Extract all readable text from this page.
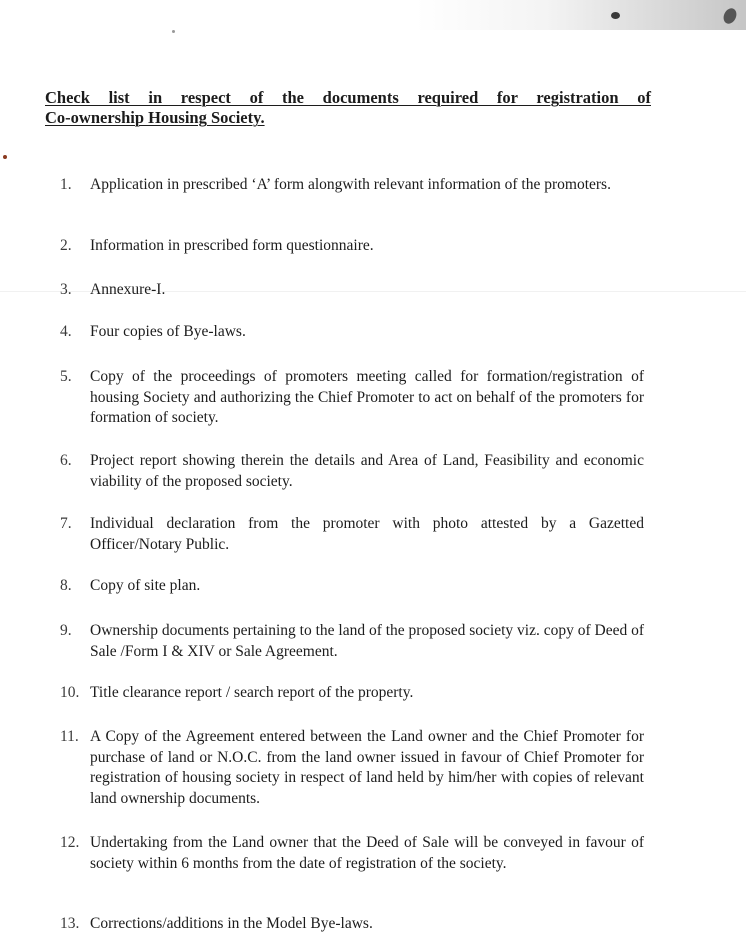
Check list in respect of the documents required for registration of
Co-ownership Housing Society.
1.	Application in prescribed ‘A’ form alongwith relevant information of the promoters.
2.	Information in prescribed form questionnaire.
3.	Annexure-I.
4.	Four copies of Bye-laws.
5.	Copy of the proceedings of promoters meeting called for formation/registration of housing Society and authorizing the Chief Promoter to act on behalf of the promoters for formation of society.
6.	Project report showing therein the details and Area of Land, Feasibility and economic viability of the proposed society.
7.	Individual declaration from the promoter with photo attested by a Gazetted Officer/Notary Public.
8.	Copy of site plan.
9.	Ownership documents pertaining to the land of the proposed society viz. copy of Deed of Sale /Form I & XIV or Sale Agreement.
10. Title clearance report / search report of the property.
11. A Copy of the Agreement entered between the Land owner and the Chief Promoter for purchase of land or N.O.C. from the land owner issued in favour of Chief Promoter for registration of housing society in respect of land held by him/her with copies of relevant land ownership documents.
12. Undertaking from the Land owner that the Deed of Sale will be conveyed in favour of society within 6 months from the date of registration of the society.
13. Corrections/additions in the Model Bye-laws.
